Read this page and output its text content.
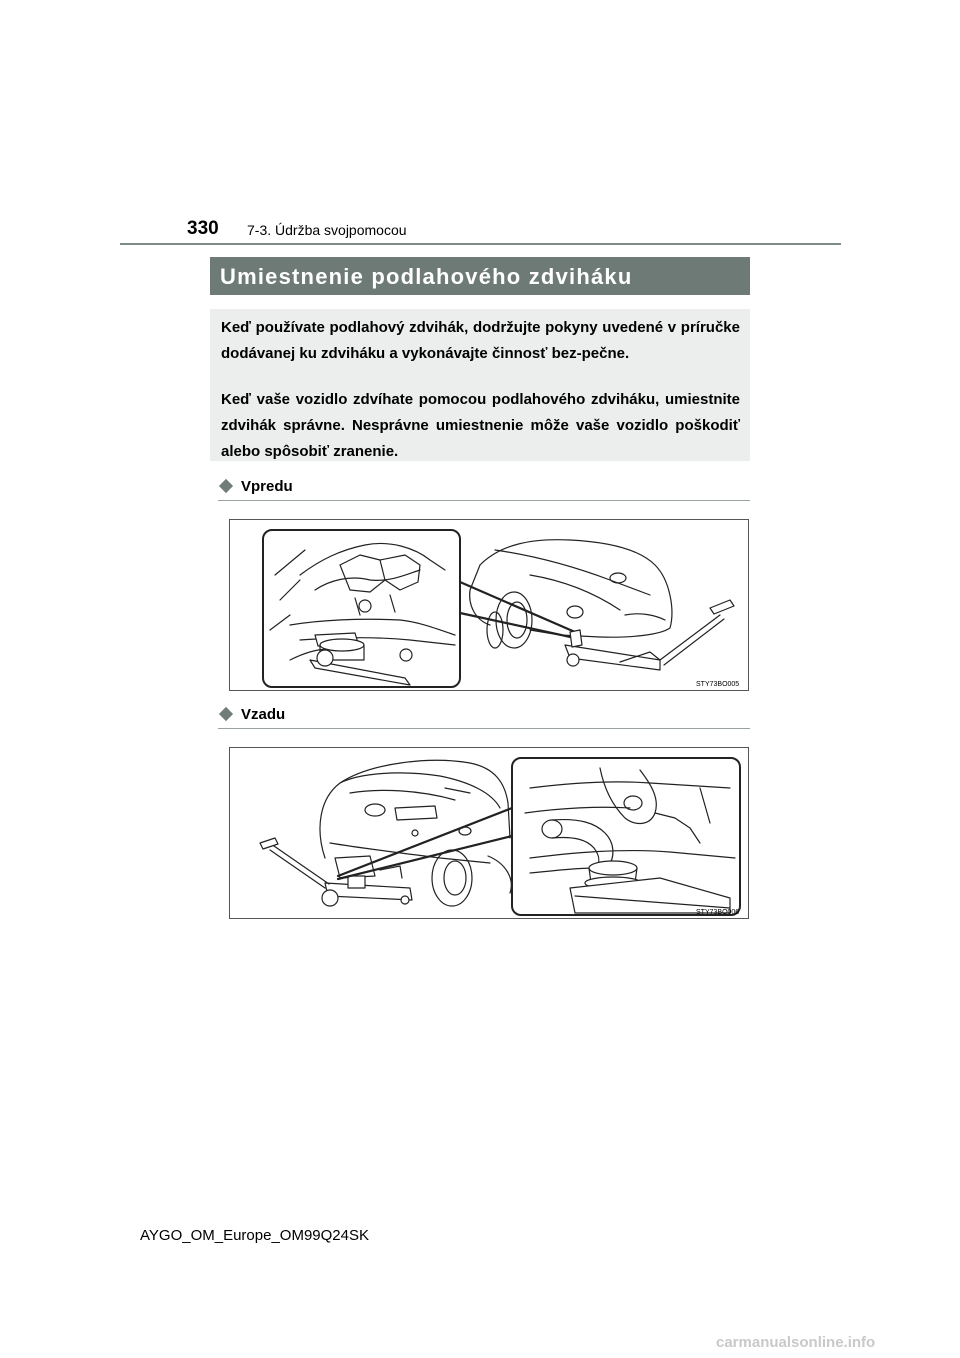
330 7-3. Údržba svojpomocou
Umiestnenie podlahového zdviháku

Keď používate podlahový zdvihák, dodržujte pokyny uvedené v príručke dodávanej ku zdviháku a vykonávajte činnosť bez-pečne.

Keď vaše vozidlo zdvíhate pomocou podlahového zdviháku, umiestnite zdvihák správne. Nesprávne umiestnenie môže vaše vozidlo poškodiť alebo spôsobiť zranenie.

Vpredu
STY73BO005
Vzadu
STY73BO006
AYGO_OM_Europe_OM99Q24SK
carmanualsonline.info
